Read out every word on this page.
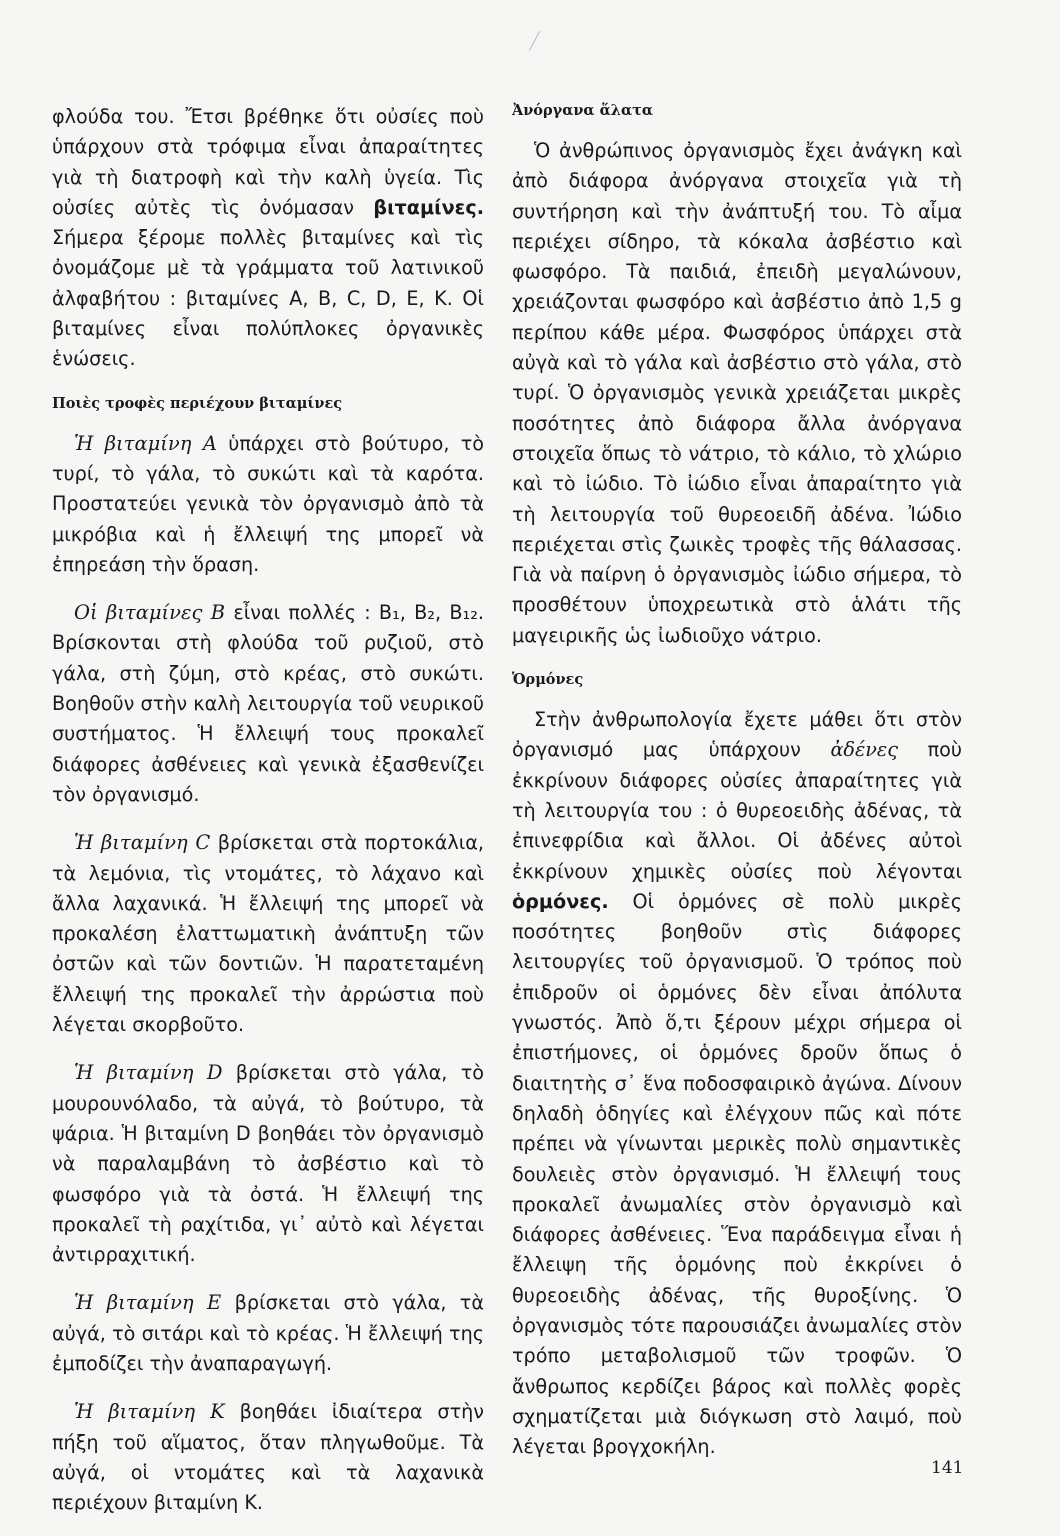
φλούδα του. Ἔτσι βρέθηκε ὅτι οὐσίες ποὺ ὑπάρχουν στὰ τρόφιμα εἶναι ἀπαραίτητες γιὰ τὴ διατροφὴ καὶ τὴν καλὴ ὑγεία. Τὶς οὐσίες αὐτὲς τὶς ὀνόμασαν βιταμίνες. Σήμερα ξέρομε πολλὲς βιταμίνες καὶ τὶς ὀνομάζομε μὲ τὰ γράμματα τοῦ λατινικοῦ ἀλφαβήτου : βιταμίνες A, B, C, D, E, K. Οἱ βιταμίνες εἶναι πολύπλοκες ὀργανικὲς ἑνώσεις.

Ποιὲς τροφὲς περιέχουν βιταμίνες

Ἡ βιταμίνη A ὑπάρχει στὸ βούτυρο, τὸ τυρί, τὸ γάλα, τὸ συκώτι καὶ τὰ καρότα. Προστατεύει γενικὰ τὸν ὀργανισμὸ ἀπὸ τὰ μικρόβια καὶ ἡ ἔλλειψή της μπορεῖ νὰ ἐπηρεάση τὴν ὅραση.

Οἱ βιταμίνες B εἶναι πολλές : B₁, B₂, B₁₂. Βρίσκονται στὴ φλούδα τοῦ ρυζιοῦ, στὸ γάλα, στὴ ζύμη, στὸ κρέας, στὸ συκώτι. Βοηθοῦν στὴν καλὴ λειτουργία τοῦ νευρικοῦ συστήματος. Ἡ ἔλλειψή τους προκαλεῖ διάφορες ἀσθένειες καὶ γενικὰ ἐξασθενίζει τὸν ὀργανισμό.

Ἡ βιταμίνη C βρίσκεται στὰ πορτοκάλια, τὰ λεμόνια, τὶς ντομάτες, τὸ λάχανο καὶ ἄλλα λαχανικά. Ἡ ἔλλειψή της μπορεῖ νὰ προκαλέση ἐλαττωματικὴ ἀνάπτυξη τῶν ὀστῶν καὶ τῶν δοντιῶν. Ἡ παρατεταμένη ἔλλειψή της προκαλεῖ τὴν ἀρρώστια ποὺ λέγεται σκορβοῦτο.

Ἡ βιταμίνη D βρίσκεται στὸ γάλα, τὸ μουρουνόλαδο, τὰ αὐγά, τὸ βούτυρο, τὰ ψάρια. Ἡ βιταμίνη D βοηθάει τὸν ὀργανισμὸ νὰ παραλαμβάνη τὸ ἀσβέστιο καὶ τὸ φωσφόρο γιὰ τὰ ὀστά. Ἡ ἔλλειψή της προκαλεῖ τὴ ραχίτιδα, γι᾿ αὐτὸ καὶ λέγεται ἀντιρραχιτική.

Ἡ βιταμίνη E βρίσκεται στὸ γάλα, τὰ αὐγά, τὸ σιτάρι καὶ τὸ κρέας. Ἡ ἔλλειψή της ἐμποδίζει τὴν ἀναπαραγωγή.

Ἡ βιταμίνη K βοηθάει ἰδιαίτερα στὴν πήξη τοῦ αἵματος, ὅταν πληγωθοῦμε. Τὰ αὐγά, οἱ ντομάτες καὶ τὰ λαχανικὰ περιέχουν βιταμίνη K.

Ἀνόργανα ἅλατα

Ὁ ἀνθρώπινος ὀργανισμὸς ἔχει ἀνάγκη καὶ ἀπὸ διάφορα ἀνόργανα στοιχεῖα γιὰ τὴ συντήρηση καὶ τὴν ἀνάπτυξή του. Τὸ αἷμα περιέχει σίδηρο, τὰ κόκαλα ἀσβέστιο καὶ φωσφόρο. Τὰ παιδιά, ἐπειδὴ μεγαλώνουν, χρειάζονται φωσφόρο καὶ ἀσβέστιο ἀπὸ 1,5 g περίπου κάθε μέρα. Φωσφόρος ὑπάρχει στὰ αὐγὰ καὶ τὸ γάλα καὶ ἀσβέστιο στὸ γάλα, στὸ τυρί. Ὁ ὀργανισμὸς γενικὰ χρειάζεται μικρὲς ποσότητες ἀπὸ διάφορα ἄλλα ἀνόργανα στοιχεῖα ὅπως τὸ νάτριο, τὸ κάλιο, τὸ χλώριο καὶ τὸ ἰώδιο. Τὸ ἰώδιο εἶναι ἀπαραίτητο γιὰ τὴ λειτουργία τοῦ θυρεοειδῆ ἀδένα. Ἰώδιο περιέχεται στὶς ζωικὲς τροφὲς τῆς θάλασσας. Γιὰ νὰ παίρνη ὁ ὀργανισμὸς ἰώδιο σήμερα, τὸ προσθέτουν ὑποχρεωτικὰ στὸ ἁλάτι τῆς μαγειρικῆς ὡς ἰωδιοῦχο νάτριο.

Ὁρμόνες

Στὴν ἀνθρωπολογία ἔχετε μάθει ὅτι στὸν ὀργανισμό μας ὑπάρχουν ἀδένες ποὺ ἐκκρίνουν διάφορες οὐσίες ἀπαραίτητες γιὰ τὴ λειτουργία του : ὁ θυρεοειδὴς ἀδένας, τὰ ἐπινεφρίδια καὶ ἄλλοι. Οἱ ἀδένες αὐτοὶ ἐκκρίνουν χημικὲς οὐσίες ποὺ λέγονται ὁρμόνες. Οἱ ὁρμόνες σὲ πολὺ μικρὲς ποσότητες βοηθοῦν στὶς διάφορες λειτουργίες τοῦ ὀργανισμοῦ. Ὁ τρόπος ποὺ ἐπιδροῦν οἱ ὁρμόνες δὲν εἶναι ἀπόλυτα γνωστός. Ἀπὸ ὅ,τι ξέρουν μέχρι σήμερα οἱ ἐπιστήμονες, οἱ ὁρμόνες δροῦν ὅπως ὁ διαιτητὴς σ᾿ ἕνα ποδοσφαιρικὸ ἀγώνα. Δίνουν δηλαδὴ ὁδηγίες καὶ ἐλέγχουν πῶς καὶ πότε πρέπει νὰ γίνωνται μερικὲς πολὺ σημαντικὲς δουλειὲς στὸν ὀργανισμό. Ἡ ἔλλειψή τους προκαλεῖ ἀνωμαλίες στὸν ὀργανισμὸ καὶ διάφορες ἀσθένειες. Ἕνα παράδειγμα εἶναι ἡ ἔλλειψη τῆς ὁρμόνης ποὺ ἐκκρίνει ὁ θυρεοειδὴς ἀδένας, τῆς θυροξίνης. Ὁ ὀργανισμὸς τότε παρουσιάζει ἀνωμαλίες στὸν τρόπο μεταβολισμοῦ τῶν τροφῶν. Ὁ ἄνθρωπος κερδίζει βάρος καὶ πολλὲς φορὲς σχηματίζεται μιὰ διόγκωση στὸ λαιμό, ποὺ λέγεται βρογχοκήλη.

141
